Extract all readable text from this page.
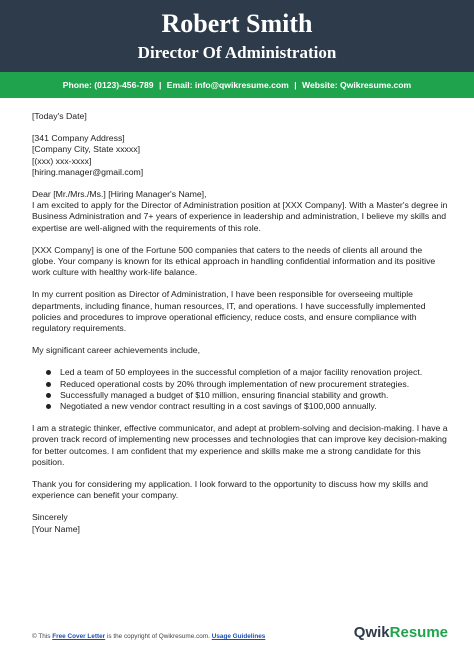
Robert Smith
Director Of Administration
Phone: (0123)-456-789 | Email: info@qwikresume.com | Website: Qwikresume.com

[Today's Date]

[341 Company Address]
[Company City, State xxxxx]
[(xxx) xxx-xxxx]
[hiring.manager@gmail.com]

Dear [Mr./Mrs./Ms.] [Hiring Manager's Name],

I am excited to apply for the Director of Administration position at [XXX Company]. With a Master's degree in Business Administration and 7+ years of experience in leadership and administration, I believe my skills and expertise are well-aligned with the requirements of this role.

[XXX Company] is one of the Fortune 500 companies that caters to the needs of clients all around the globe. Your company is known for its ethical approach in handling confidential information and its positive work culture with healthy work-life balance.

In my current position as Director of Administration, I have been responsible for overseeing multiple departments, including finance, human resources, IT, and operations. I have successfully implemented policies and procedures to improve operational efficiency, reduce costs, and ensure compliance with regulatory requirements.

My significant career achievements include,

Led a team of 50 employees in the successful completion of a major facility renovation project.
Reduced operational costs by 20% through implementation of new procurement strategies.
Successfully managed a budget of $10 million, ensuring financial stability and growth.
Negotiated a new vendor contract resulting in a cost savings of $100,000 annually.

I am a strategic thinker, effective communicator, and adept at problem-solving and decision-making. I have a proven track record of implementing new processes and technologies that can improve key decision-making for better outcomes. I am confident that my experience and skills make me a strong candidate for this position.

Thank you for considering my application. I look forward to the opportunity to discuss how my skills and experience can benefit your company.

Sincerely
[Your Name]
© This Free Cover Letter is the copyright of Qwikresume.com. Usage Guidelines	QwikResume
